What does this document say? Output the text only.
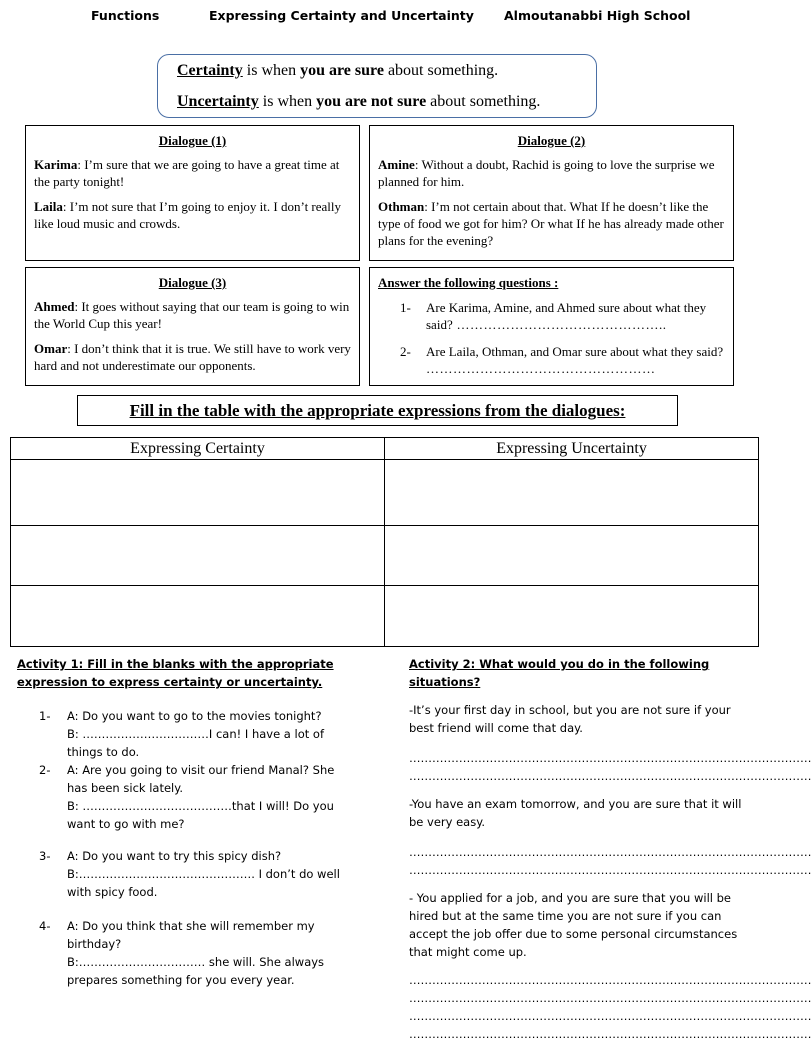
Functions	Expressing Certainty and Uncertainty Almoutanabbi High School
Certainty is when you are sure about something.
Uncertainty is when you are not sure about something.
Dialogue (1)

Karima: I’m sure that we are going to have a great time at the party tonight!

Laila: I’m not sure that I’m going to enjoy it. I don’t really like loud music and crowds.

Dialogue (2)

Amine: Without a doubt, Rachid is going to love the surprise we planned for him.

Othman: I’m not certain about that. What If he doesn’t like the type of food we got for him? Or what If he has already made other plans for the evening?

Dialogue (3)

Ahmed: It goes without saying that our team is going to win the World Cup this year!

Omar: I don’t think that it is true. We still have to work very hard and not underestimate our opponents.

Answer the following questions :
1-	Are Karima, Amine, and Ahmed sure about what they said? ………………………………………..
2-	Are Laila, Othman, and Omar sure about what they said? ……………………………………………
Fill in the table with the appropriate expressions from the dialogues:
Expressing Certainty	Expressing Uncertainty

Activity 1: Fill in the blanks with the appropriate expression to express certainty or uncertainty.
1-	A: Do you want to go to the movies tonight?
B: ……………………………I can! I have a lot of things to do.
2-	A: Are you going to visit our friend Manal? She has been sick lately.
B: …………………………………that I will! Do you want to go with me?
3-	A: Do you want to try this spicy dish?
B:………………………………………. I don’t do well with spicy food.
4-	A: Do you think that she will remember my birthday?
B:…………………………… she will. She always prepares something for you every year.
Activity 2: What would you do in the following situations?
-It’s your first day in school, but you are not sure if your best friend will come that day.
……………………………………………………………………………………………
……………………………………………………………………………………………
-You have an exam tomorrow, and you are sure that it will be very easy.
……………………………………………………………………………………………
……………………………………………………………………………………………
- You applied for a job, and you are sure that you will be hired but at the same time you are not sure if you can accept the job offer due to some personal circumstances that might come up.
……………………………………………………………………………………………
……………………………………………………………………………………………
……………………………………………………………………………………………
……………………………………………………………………………………………
